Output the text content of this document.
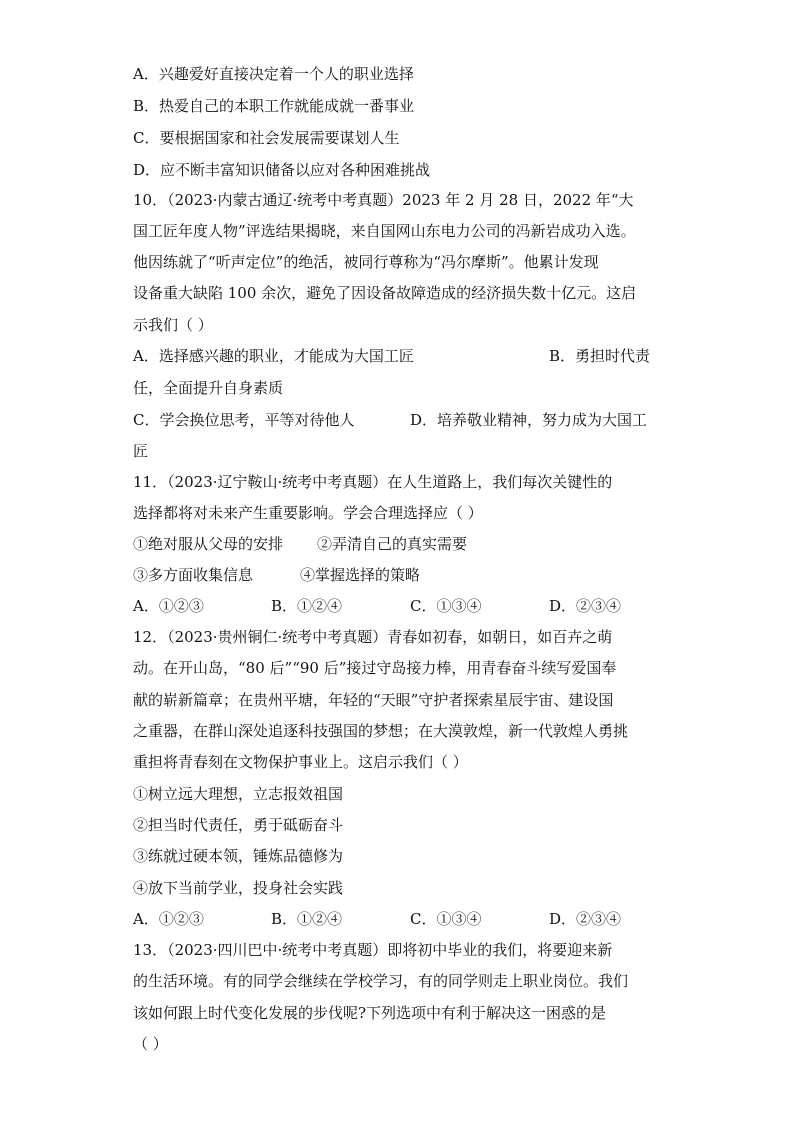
A．兴趣爱好直接决定着一个人的职业选择
B．热爱自己的本职工作就能成就一番事业
C．要根据国家和社会发展需要谋划人生
D．应不断丰富知识储备以应对各种困难挑战
10．（2023·内蒙古通辽·统考中考真题）2023 年 2 月 28 日，2022 年“大
国工匠年度人物”评选结果揭晓，来自国网山东电力公司的冯新岩成功入选。
他因练就了“听声定位”的绝活，被同行尊称为“冯尔摩斯”。他累计发现
设备重大缺陷 100 余次，避免了因设备故障造成的经济损失数十亿元。这启
示我们（ ）
A．选择感兴趣的职业，才能成为大国工匠	B．勇担时代责
任，全面提升自身素质
C．学会换位思考，平等对待他人	D．培养敬业精神，努力成为大国工
匠
11．（2023·辽宁鞍山·统考中考真题）在人生道路上，我们每次关键性的
选择都将对未来产生重要影响。学会合理选择应（ ）
①绝对服从父母的安排 ②弄清自己的真实需要
③多方面收集信息	④掌握选择的策略
A．①②③	B．①②④	C．①③④	D．②③④
12．（2023·贵州铜仁·统考中考真题）青春如初春，如朝日，如百卉之萌
动。在开山岛，“80 后”“90 后”接过守岛接力棒，用青春奋斗续写爱国奉
献的崭新篇章；在贵州平塘，年轻的“天眼”守护者探索星辰宇宙、建设国
之重器，在群山深处追逐科技强国的梦想；在大漠敦煌，新一代敦煌人勇挑
重担将青春刻在文物保护事业上。这启示我们（ ）
①树立远大理想，立志报效祖国
②担当时代责任，勇于砥砺奋斗
③练就过硬本领，锤炼品德修为
④放下当前学业，投身社会实践
A．①②③	B．①②④	C．①③④	D．②③④
13．（2023·四川巴中·统考中考真题）即将初中毕业的我们，将要迎来新
的生活环境。有的同学会继续在学校学习，有的同学则走上职业岗位。我们
该如何跟上时代变化发展的步伐呢?下列选项中有利于解决这一困惑的是
（ ）
